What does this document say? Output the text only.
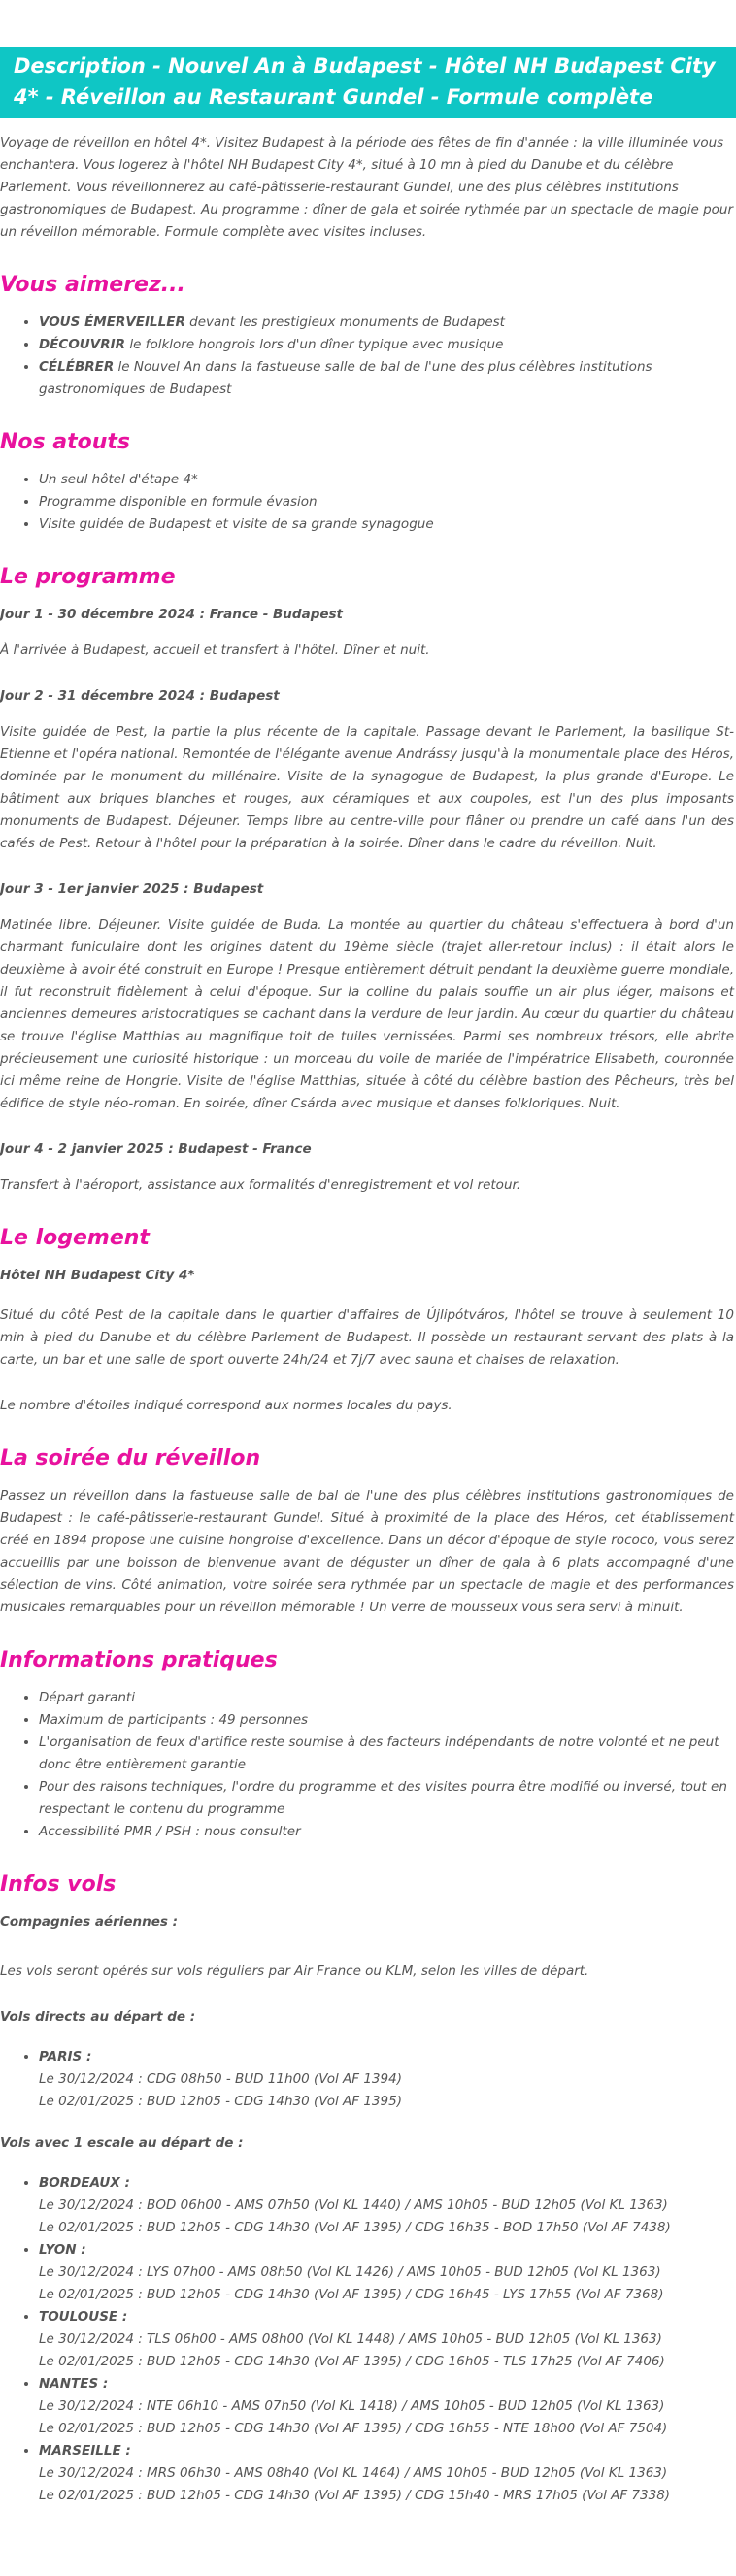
Description - Nouvel An à Budapest - Hôtel NH Budapest City 4* - Réveillon au Restaurant Gundel - Formule complète

Voyage de réveillon en hôtel 4*. Visitez Budapest à la période des fêtes de fin d'année : la ville illuminée vous enchantera. Vous logerez à l'hôtel NH Budapest City 4*, situé à 10 mn à pied du Danube et du célèbre Parlement. Vous réveillonnerez au café-pâtisserie-restaurant Gundel, une des plus célèbres institutions gastronomiques de Budapest. Au programme : dîner de gala et soirée rythmée par un spectacle de magie pour un réveillon mémorable. Formule complète avec visites incluses.

Vous aimerez...
• VOUS ÉMERVEILLER devant les prestigieux monuments de Budapest
• DÉCOUVRIR le folklore hongrois lors d'un dîner typique avec musique
• CÉLÉBRER le Nouvel An dans la fastueuse salle de bal de l'une des plus célèbres institutions gastronomiques de Budapest
Nos atouts
• Un seul hôtel d'étape 4*
• Programme disponible en formule évasion
• Visite guidée de Budapest et visite de sa grande synagogue
Le programme

Jour 1 - 30 décembre 2024 : France - Budapest

À l'arrivée à Budapest, accueil et transfert à l'hôtel. Dîner et nuit.

Jour 2 - 31 décembre 2024 : Budapest

Visite guidée de Pest, la partie la plus récente de la capitale. Passage devant le Parlement, la basilique St-Etienne et l'opéra national. Remontée de l'élégante avenue Andrássy jusqu'à la monumentale place des Héros, dominée par le monument du millénaire. Visite de la synagogue de Budapest, la plus grande d'Europe. Le bâtiment aux briques blanches et rouges, aux céramiques et aux coupoles, est l'un des plus imposants monuments de Budapest. Déjeuner. Temps libre au centre-ville pour flâner ou prendre un café dans l'un des cafés de Pest. Retour à l'hôtel pour la préparation à la soirée. Dîner dans le cadre du réveillon. Nuit.

Jour 3 - 1er janvier 2025 : Budapest

Matinée libre. Déjeuner. Visite guidée de Buda. La montée au quartier du château s'effectuera à bord d'un charmant funiculaire dont les origines datent du 19ème siècle (trajet aller-retour inclus) : il était alors le deuxième à avoir été construit en Europe ! Presque entièrement détruit pendant la deuxième guerre mondiale, il fut reconstruit fidèlement à celui d'époque. Sur la colline du palais souffle un air plus léger, maisons et anciennes demeures aristocratiques se cachant dans la verdure de leur jardin. Au cœur du quartier du château se trouve l'église Matthias au magnifique toit de tuiles vernissées. Parmi ses nombreux trésors, elle abrite précieusement une curiosité historique : un morceau du voile de mariée de l'impératrice Elisabeth, couronnée ici même reine de Hongrie. Visite de l'église Matthias, située à côté du célèbre bastion des Pêcheurs, très bel édifice de style néo-roman. En soirée, dîner Csárda avec musique et danses folkloriques. Nuit.

Jour 4 - 2 janvier 2025 : Budapest - France

Transfert à l'aéroport, assistance aux formalités d'enregistrement et vol retour.

Le logement

Hôtel NH Budapest City 4*

Situé du côté Pest de la capitale dans le quartier d'affaires de Újlipótváros, l'hôtel se trouve à seulement 10 min à pied du Danube et du célèbre Parlement de Budapest. Il possède un restaurant servant des plats à la carte, un bar et une salle de sport ouverte 24h/24 et 7j/7 avec sauna et chaises de relaxation.

Le nombre d'étoiles indiqué correspond aux normes locales du pays.

La soirée du réveillon

Passez un réveillon dans la fastueuse salle de bal de l'une des plus célèbres institutions gastronomiques de Budapest : le café-pâtisserie-restaurant Gundel. Situé à proximité de la place des Héros, cet établissement créé en 1894 propose une cuisine hongroise d'excellence. Dans un décor d'époque de style rococo, vous serez accueillis par une boisson de bienvenue avant de déguster un dîner de gala à 6 plats accompagné d'une sélection de vins. Côté animation, votre soirée sera rythmée par un spectacle de magie et des performances musicales remarquables pour un réveillon mémorable ! Un verre de mousseux vous sera servi à minuit.

Informations pratiques
• Départ garanti
• Maximum de participants : 49 personnes
• L'organisation de feux d'artifice reste soumise à des facteurs indépendants de notre volonté et ne peut donc être entièrement garantie
• Pour des raisons techniques, l'ordre du programme et des visites pourra être modifié ou inversé, tout en respectant le contenu du programme
• Accessibilité PMR / PSH : nous consulter
Infos vols

Compagnies aériennes :

Les vols seront opérés sur vols réguliers par Air France ou KLM, selon les villes de départ.

Vols directs au départ de :

• PARIS :
Le 30/12/2024 : CDG 08h50 - BUD 11h00 (Vol AF 1394)
Le 02/01/2025 : BUD 12h05 - CDG 14h30 (Vol AF 1395)

Vols avec 1 escale au départ de :

• BORDEAUX :
Le 30/12/2024 : BOD 06h00 - AMS 07h50 (Vol KL 1440) / AMS 10h05 - BUD 12h05 (Vol KL 1363)
Le 02/01/2025 : BUD 12h05 - CDG 14h30 (Vol AF 1395) / CDG 16h35 - BOD 17h50 (Vol AF 7438)
• LYON :
Le 30/12/2024 : LYS 07h00 - AMS 08h50 (Vol KL 1426) / AMS 10h05 - BUD 12h05 (Vol KL 1363)
Le 02/01/2025 : BUD 12h05 - CDG 14h30 (Vol AF 1395) / CDG 16h45 - LYS 17h55 (Vol AF 7368)
• TOULOUSE :
Le 30/12/2024 : TLS 06h00 - AMS 08h00 (Vol KL 1448) / AMS 10h05 - BUD 12h05 (Vol KL 1363)
Le 02/01/2025 : BUD 12h05 - CDG 14h30 (Vol AF 1395) / CDG 16h05 - TLS 17h25 (Vol AF 7406)
• NANTES :
Le 30/12/2024 : NTE 06h10 - AMS 07h50 (Vol KL 1418) / AMS 10h05 - BUD 12h05 (Vol KL 1363)
Le 02/01/2025 : BUD 12h05 - CDG 14h30 (Vol AF 1395) / CDG 16h55 - NTE 18h00 (Vol AF 7504)
• MARSEILLE :
Le 30/12/2024 : MRS 06h30 - AMS 08h40 (Vol KL 1464) / AMS 10h05 - BUD 12h05 (Vol KL 1363)
Le 02/01/2025 : BUD 12h05 - CDG 14h30 (Vol AF 1395) / CDG 15h40 - MRS 17h05 (Vol AF 7338)
